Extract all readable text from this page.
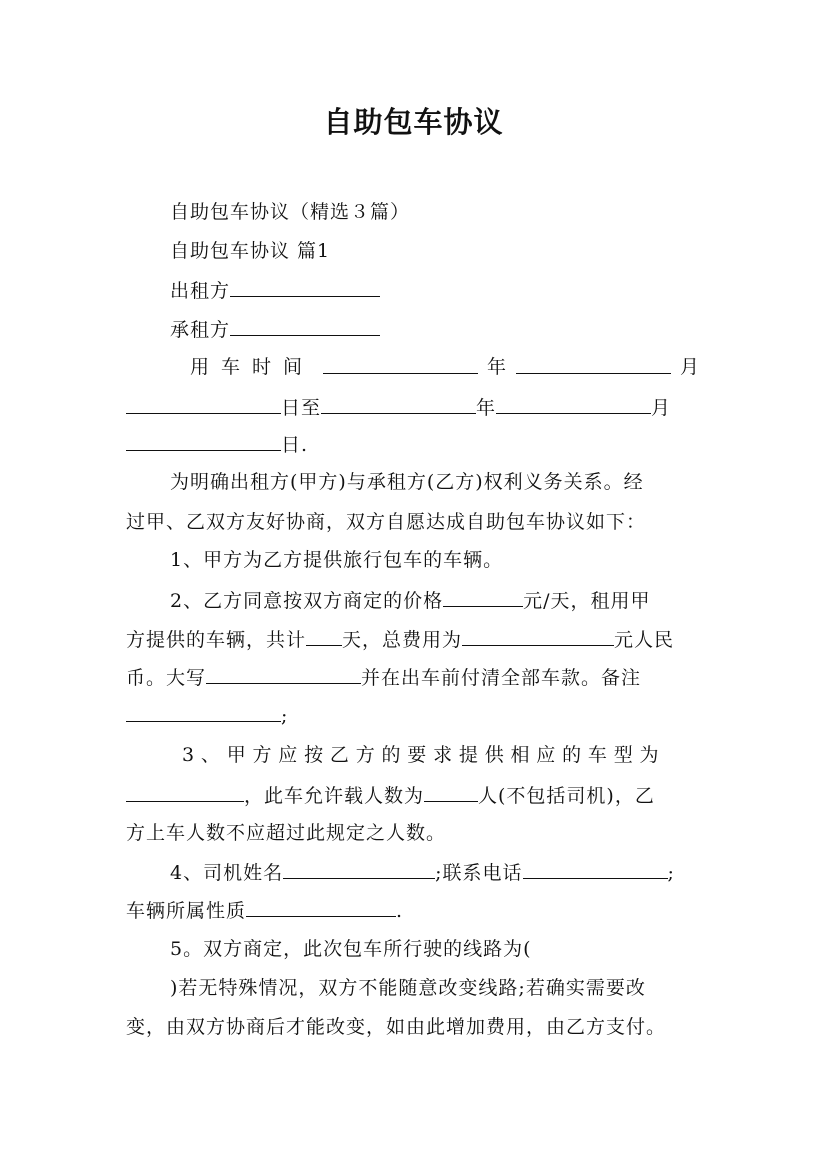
自助包车协议
自助包车协议（精选３篇）
自助包车协议 篇1
出租方
承租方
用车时间	年	月
日至	年	月
日.
为明确出租方(甲方)与承租方(乙方)权利义务关系。经
过甲、乙双方友好协商，双方自愿达成自助包车协议如下：
1、甲方为乙方提供旅行包车的车辆。
2、乙方同意按双方商定的价格	元/天，租用甲
方提供的车辆，共计 天，总费用为	元人民
币。大写	并在出车前付清全部车款。备注
;
3、甲方应按乙方的要求提供相应的车型为
，此车允许载人数为	人(不包括司机)，乙
方上车人数不应超过此规定之人数。
4、司机姓名	;联系电话	;
车辆所属性质	.
5。双方商定，此次包车所行驶的线路为(
)若无特殊情况，双方不能随意改变线路;若确实需要改
变，由双方协商后才能改变，如由此增加费用，由乙方支付。
